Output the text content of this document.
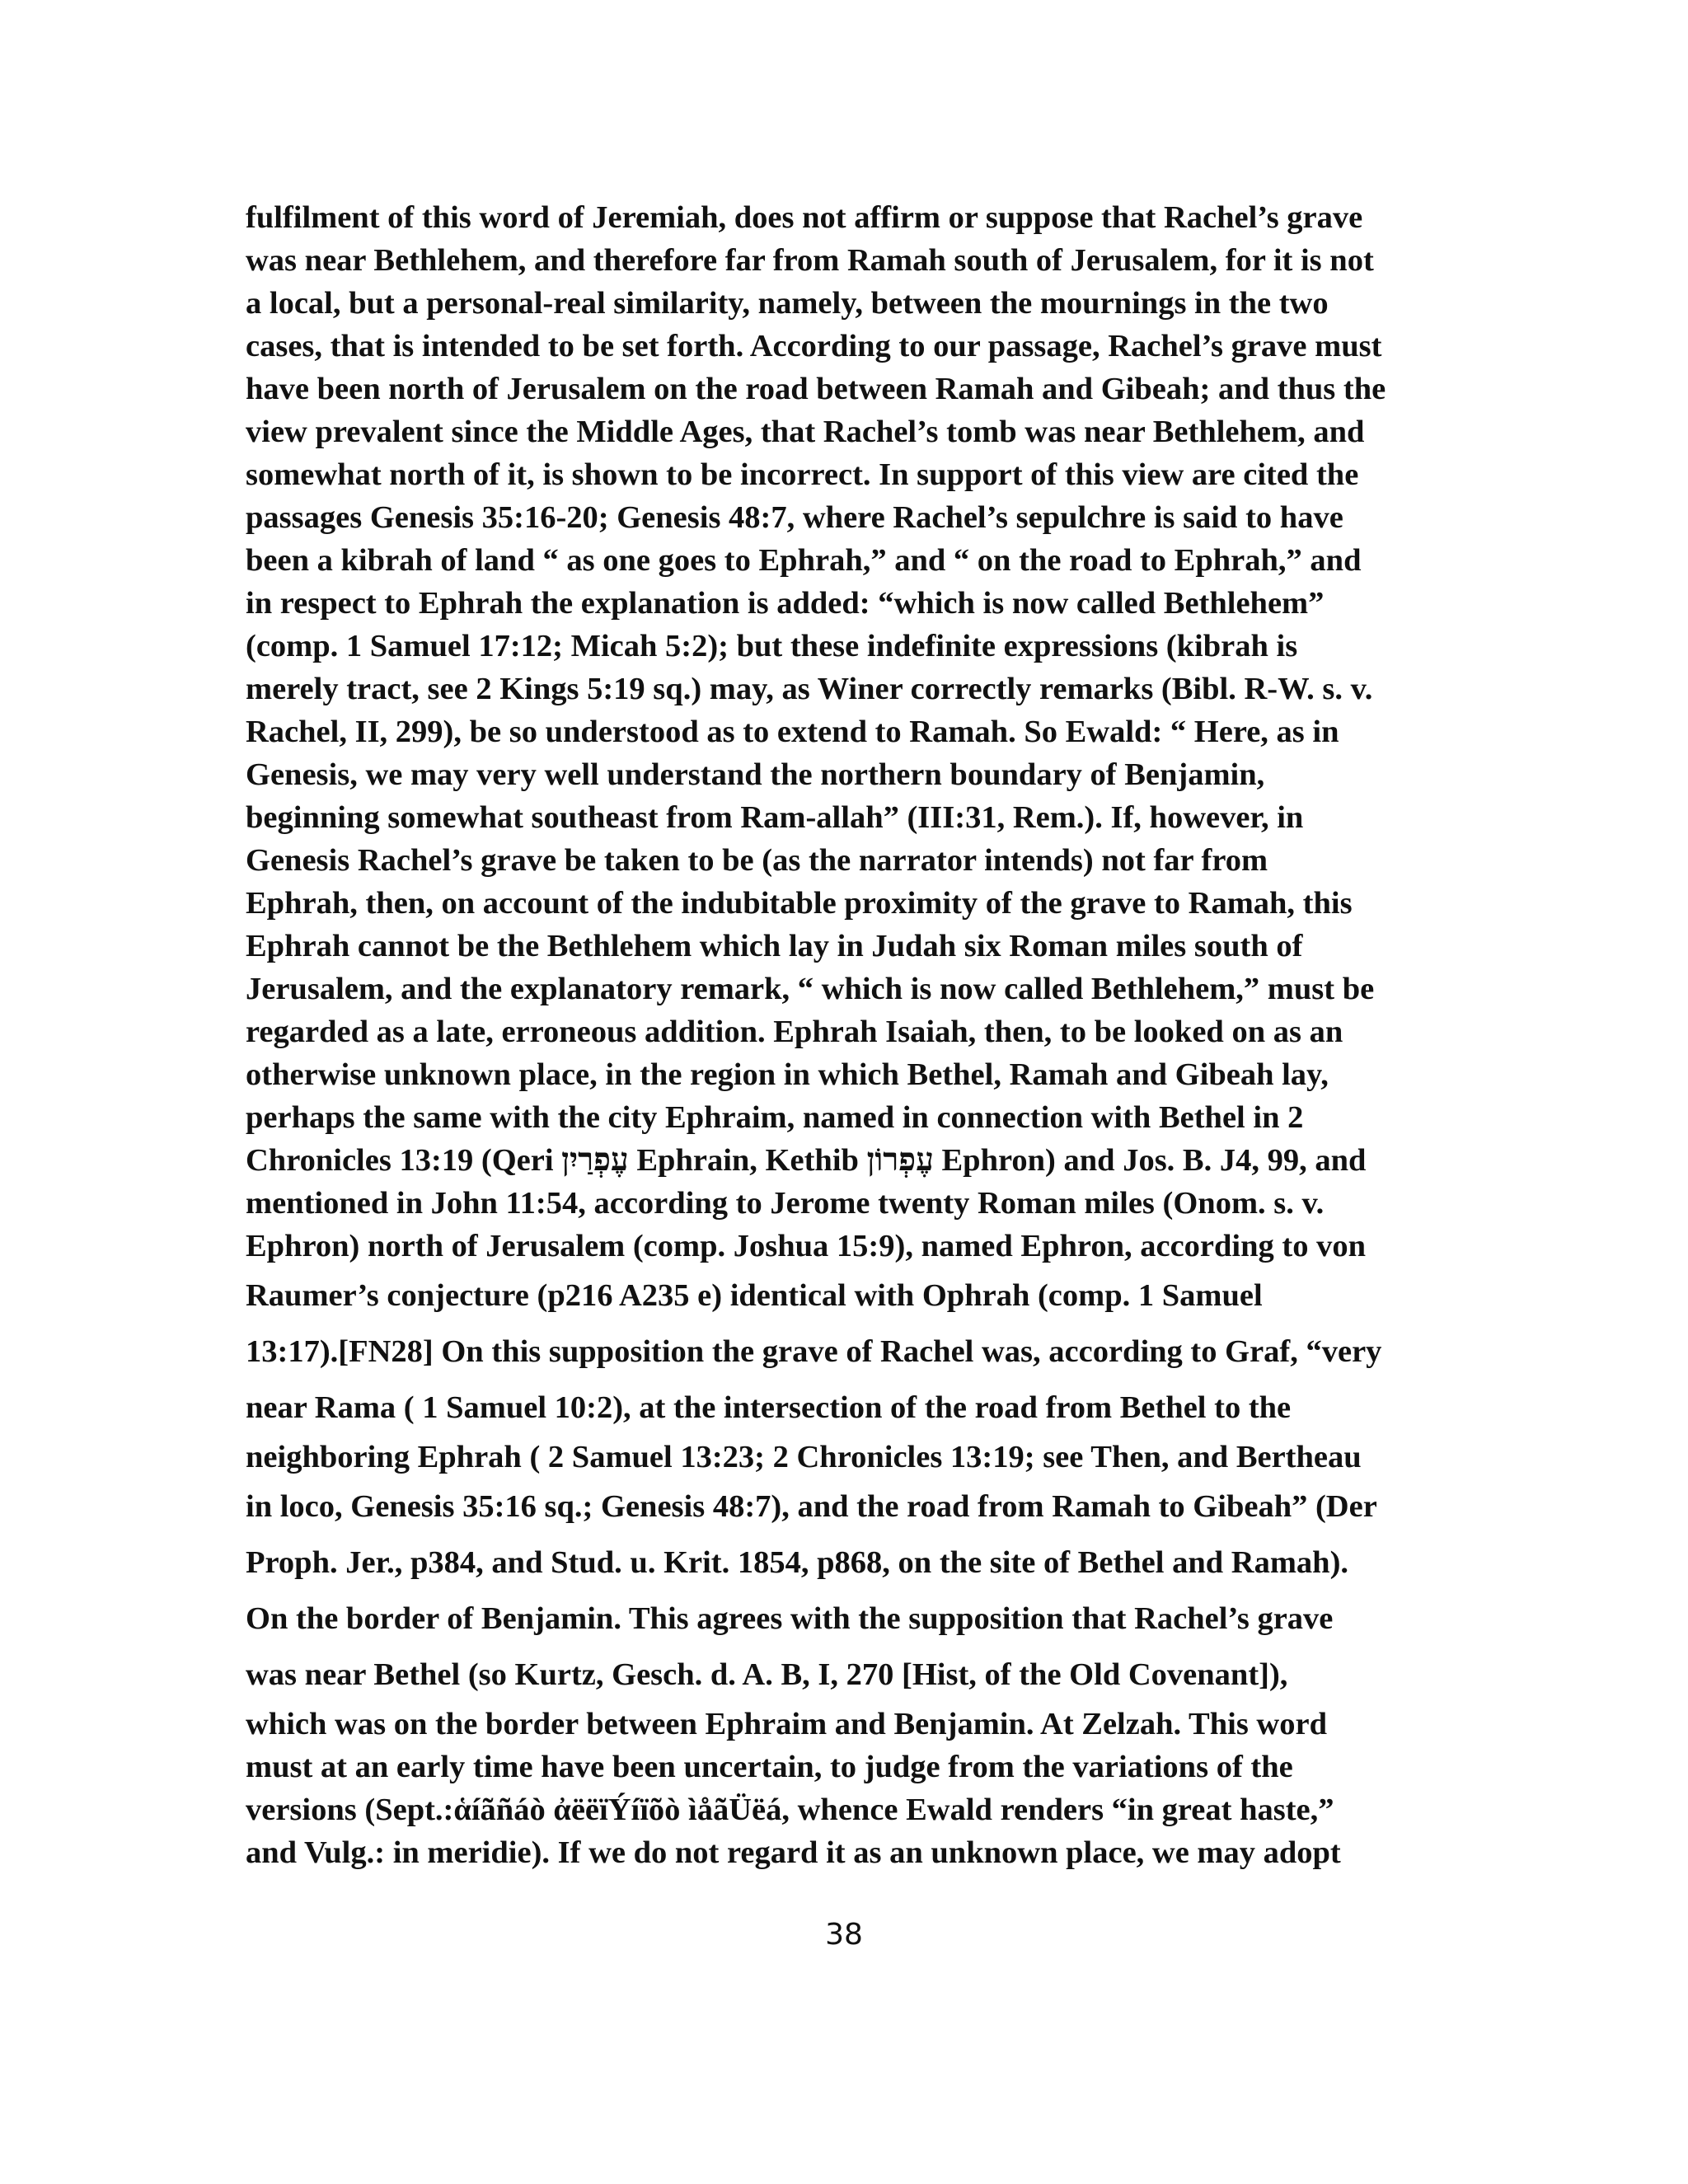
fulfilment of this word of Jeremiah, does not affirm or suppose that Rachel’s grave
was near Bethlehem, and therefore far from Ramah south of Jerusalem, for it is not
a local, but a personal-real similarity, namely, between the mournings in the two
cases, that is intended to be set forth. According to our passage, Rachel’s grave must
have been north of Jerusalem on the road between Ramah and Gibeah; and thus the
view prevalent since the Middle Ages, that Rachel’s tomb was near Bethlehem, and
somewhat north of it, is shown to be incorrect. In support of this view are cited the
passages Genesis 35:16-20; Genesis 48:7, where Rachel’s sepulchre is said to have
been a kibrah of land “ as one goes to Ephrah,” and “ on the road to Ephrah,” and
in respect to Ephrah the explanation is added: “which is now called Bethlehem”
(comp. 1 Samuel 17:12; Micah 5:2); but these indefinite expressions (kibrah is
merely tract, see 2 Kings 5:19 sq.) may, as Winer correctly remarks (Bibl. R-W. s. v.
Rachel, II, 299), be so understood as to extend to Ramah. So Ewald: “ Here, as in
Genesis, we may very well understand the northern boundary of Benjamin,
beginning somewhat southeast from Ram-allah” (III:31, Rem.). If, however, in
Genesis Rachel’s grave be taken to be (as the narrator intends) not far from
Ephrah, then, on account of the indubitable proximity of the grave to Ramah, this
Ephrah cannot be the Bethlehem which lay in Judah six Roman miles south of
Jerusalem, and the explanatory remark, “ which is now called Bethlehem,” must be
regarded as a late, erroneous addition. Ephrah Isaiah, then, to be looked on as an
otherwise unknown place, in the region in which Bethel, Ramah and Gibeah lay,
perhaps the same with the city Ephraim, named in connection with Bethel in 2
Chronicles 13:19 (Qeri עֶפְרַיִן Ephrain, Kethib עֶפְרוֹן Ephron) and Jos. B. J4, 99, and
mentioned in John 11:54, according to Jerome twenty Roman miles (Onom. s. v.
Ephron) north of Jerusalem (comp. Joshua 15:9), named Ephron, according to von
Raumer’s conjecture (p216 A235 e) identical with Ophrah (comp. 1 Samuel
13:17).[FN28] On this supposition the grave of Rachel was, according to Graf, “very
near Rama ( 1 Samuel 10:2), at the intersection of the road from Bethel to the
neighboring Ephrah ( 2 Samuel 13:23; 2 Chronicles 13:19; see Then, and Bertheau
in loco, Genesis 35:16 sq.; Genesis 48:7), and the road from Ramah to Gibeah” (Der
Proph. Jer., p384, and Stud. u. Krit. 1854, p868, on the site of Bethel and Ramah).
On the border of Benjamin. This agrees with the supposition that Rachel’s grave
was near Bethel (so Kurtz, Gesch. d. A. B, I, 270 [Hist, of the Old Covenant]),
which was on the border between Ephraim and Benjamin. At Zelzah. This word
must at an early time have been uncertain, to judge from the variations of the
versions (Sept.:ἁíãñáò ἀëëïÝíïõò ìåãÜëá, whence Ewald renders “in great haste,”
and Vulg.: in meridie). If we do not regard it as an unknown place, we may adopt
38
